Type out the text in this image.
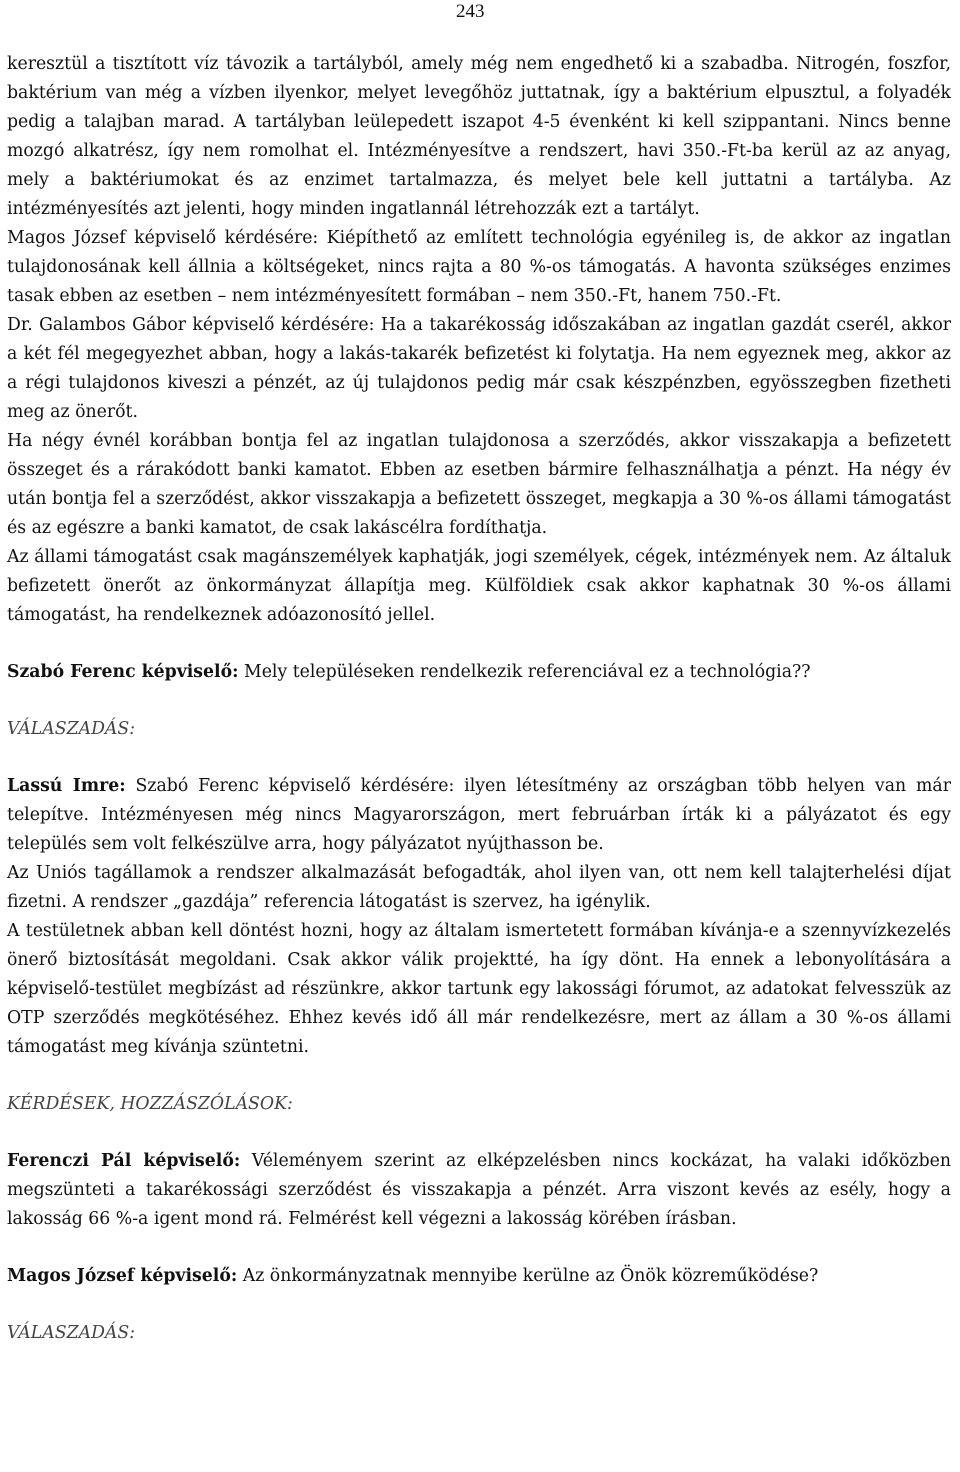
243

keresztül a tisztított víz távozik a tartályból, amely még nem engedhető ki a szabadba. Nitrogén, foszfor, baktérium van még a vízben ilyenkor, melyet levegőhöz juttatnak, így a baktérium elpusztul, a folyadék pedig a talajban marad. A tartályban leülepedett iszapot 4-5 évenként ki kell szippantani. Nincs benne mozgó alkatrész, így nem romolhat el. Intézményesítve a rendszert, havi 350.-Ft-ba kerül az az anyag, mely a baktériumokat és az enzimet tartalmazza, és melyet bele kell juttatni a tartályba. Az intézményesítés azt jelenti, hogy minden ingatlannál létrehozzák ezt a tartályt.

Magos József képviselő kérdésére: Kiépíthető az említett technológia egyénileg is, de akkor az ingatlan tulajdonosának kell állnia a költségeket, nincs rajta a 80 %-os támogatás. A havonta szükséges enzimes tasak ebben az esetben – nem intézményesített formában – nem 350.-Ft, hanem 750.-Ft.

Dr. Galambos Gábor képviselő kérdésére: Ha a takarékosság időszakában az ingatlan gazdát cserél, akkor a két fél megegyezhet abban, hogy a lakás-takarék befizetést ki folytatja. Ha nem egyeznek meg, akkor az a régi tulajdonos kiveszi a pénzét, az új tulajdonos pedig már csak készpénzben, egyösszegben fizetheti meg az önerőt.

Ha négy évnél korábban bontja fel az ingatlan tulajdonosa a szerződés, akkor visszakapja a befizetett összeget és a rárakódott banki kamatot. Ebben az esetben bármire felhasználhatja a pénzt. Ha négy év után bontja fel a szerződést, akkor visszakapja a befizetett összeget, megkapja a 30 %-os állami támogatást és az egészre a banki kamatot, de csak lakáscélra fordíthatja.

Az állami támogatást csak magánszemélyek kaphatják, jogi személyek, cégek, intézmények nem. Az általuk befizetett önerőt az önkormányzat állapítja meg. Külföldiek csak akkor kaphatnak 30 %-os állami támogatást, ha rendelkeznek adóazonosító jellel.

Szabó Ferenc képviselő: Mely településeken rendelkezik referenciával ez a technológia??

VÁLASZADÁS:

Lassú Imre: Szabó Ferenc képviselő kérdésére: ilyen létesítmény az országban több helyen van már telepítve. Intézményesen még nincs Magyarországon, mert februárban írták ki a pályázatot és egy település sem volt felkészülve arra, hogy pályázatot nyújthasson be.

Az Uniós tagállamok a rendszer alkalmazását befogadták, ahol ilyen van, ott nem kell talajterhelési díjat fizetni. A rendszer „gazdája” referencia látogatást is szervez, ha igénylik.

A testületnek abban kell döntést hozni, hogy az általam ismertetett formában kívánja-e a szennyvízkezelés önerő biztosítását megoldani. Csak akkor válik projektté, ha így dönt. Ha ennek a lebonyolítására a képviselő-testület megbízást ad részünkre, akkor tartunk egy lakossági fórumot, az adatokat felvesszük az OTP szerződés megkötéséhez. Ehhez kevés idő áll már rendelkezésre, mert az állam a 30 %-os állami támogatást meg kívánja szüntetni.

KÉRDÉSEK, HOZZÁSZÓLÁSOK:

Ferenczi Pál képviselő: Véleményem szerint az elképzelésben nincs kockázat, ha valaki időközben megszünteti a takarékossági szerződést és visszakapja a pénzét. Arra viszont kevés az esély, hogy a lakosság 66 %-a igent mond rá. Felmérést kell végezni a lakosság körében írásban.

Magos József képviselő: Az önkormányzatnak mennyibe kerülne az Önök közreműködése?

VÁLASZADÁS:
